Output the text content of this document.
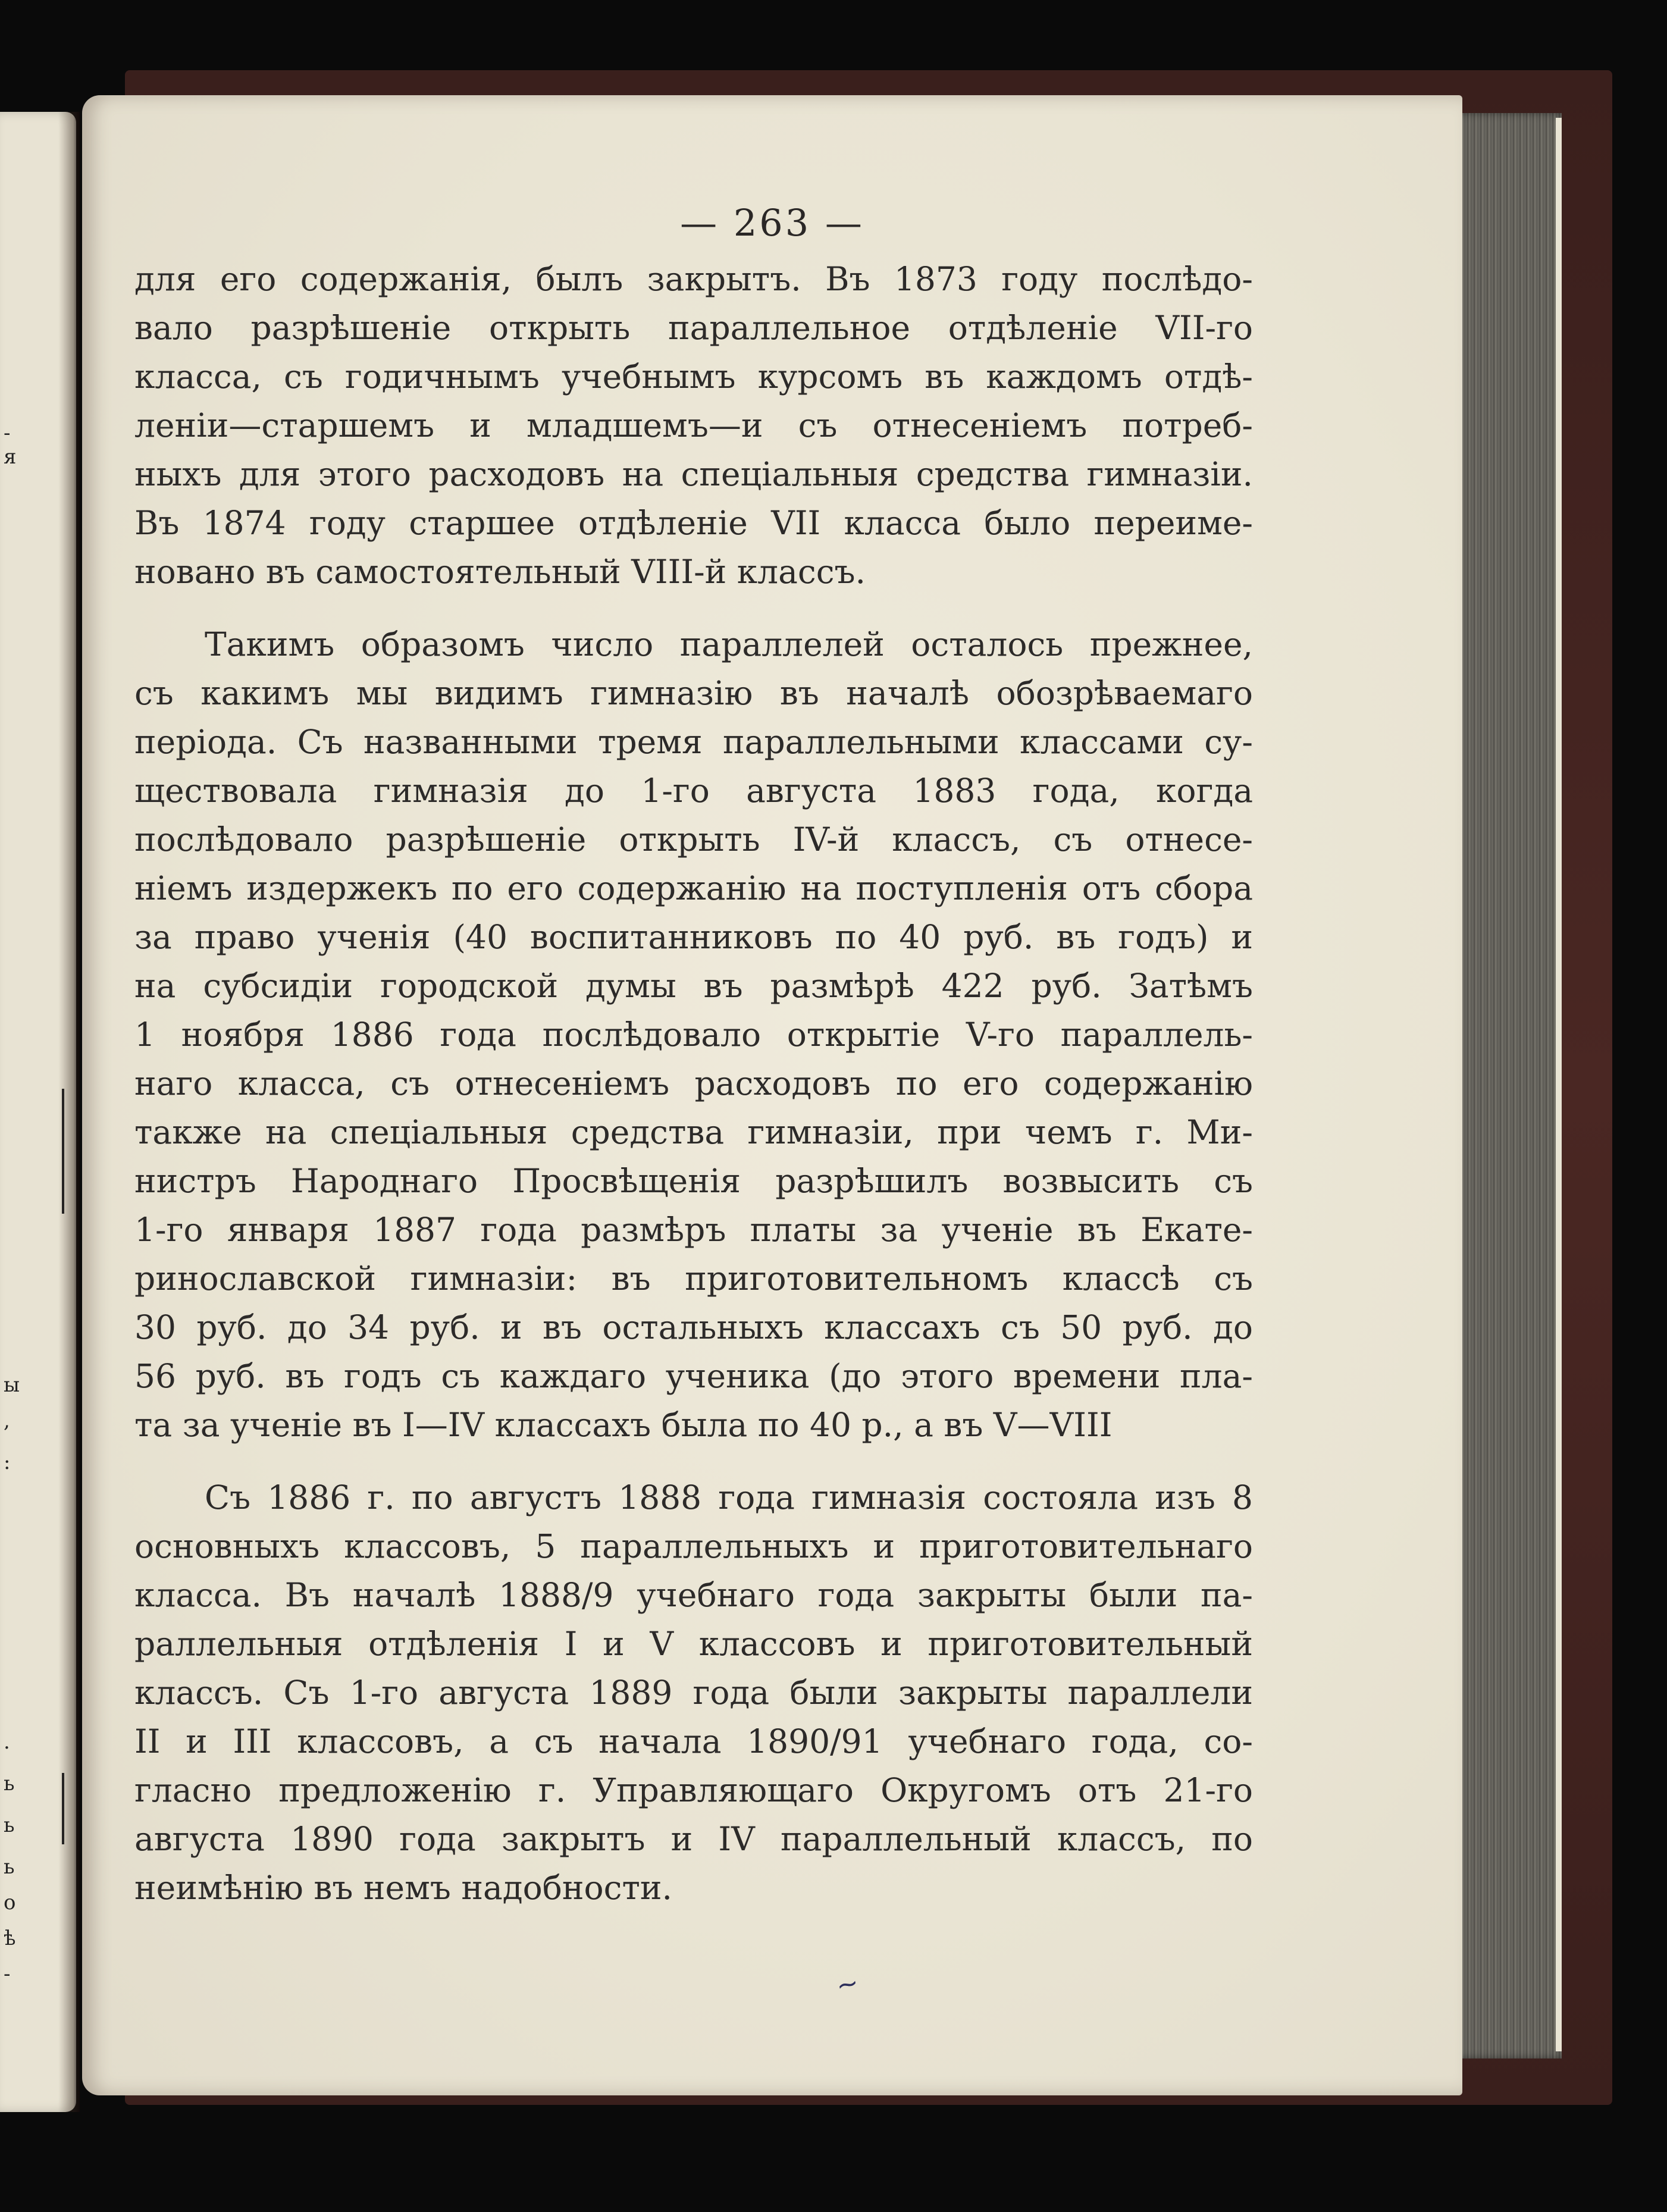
-
я
ы
,
:
.
ь
ь
ь
о
ѣ
-
— 263 —
для его содержанія, былъ закрытъ. Въ 1873 году послѣдо-
вало разрѣшеніе открыть параллельное отдѣленіе VII-го
класса, съ годичнымъ учебнымъ курсомъ въ каждомъ отдѣ-
леніи—старшемъ и младшемъ—и съ отнесеніемъ потреб-
ныхъ для этого расходовъ на спеціальныя средства гимназіи.
Въ 1874 году старшее отдѣленіе VII класса было переиме-
новано въ самостоятельный VIII-й классъ.
Такимъ образомъ число параллелей осталось прежнее,
съ какимъ мы видимъ гимназію въ началѣ обозрѣваемаго
періода. Съ названными тремя параллельными классами су-
ществовала гимназія до 1-го августа 1883 года, когда
послѣдовало разрѣшеніе открыть IV-й классъ, съ отнесе-
ніемъ издержекъ по его содержанію на поступленія отъ сбора
за право ученія (40 воспитанниковъ по 40 руб. въ годъ) и
на субсидіи городской думы въ размѣрѣ 422 руб. Затѣмъ
1 ноября 1886 года послѣдовало открытіе V-го параллель-
наго класса, съ отнесеніемъ расходовъ по его содержанію
также на спеціальныя средства гимназіи, при чемъ г. Ми-
нистръ Народнаго Просвѣщенія разрѣшилъ возвысить съ
1-го января 1887 года размѣръ платы за ученіе въ Екате-
ринославской гимназіи: въ приготовительномъ классѣ съ
30 руб. до 34 руб. и въ остальныхъ классахъ съ 50 руб. до
56 руб. въ годъ съ каждаго ученика (до этого времени пла-
та за ученіе въ I—IV классахъ была по 40 р., а въ V—VIII
Съ 1886 г. по августъ 1888 года гимназія состояла изъ 8
основныхъ классовъ, 5 параллельныхъ и приготовительнаго
класса. Въ началѣ 1888/9 учебнаго года закрыты были па-
раллельныя отдѣленія I и V классовъ и приготовительный
классъ. Съ 1-го августа 1889 года были закрыты параллели
II и III классовъ, а съ начала 1890/91 учебнаго года, со-
гласно предложенію г. Управляющаго Округомъ отъ 21-го
августа 1890 года закрытъ и IV параллельный классъ, по
неимѣнію въ немъ надобности.
~
